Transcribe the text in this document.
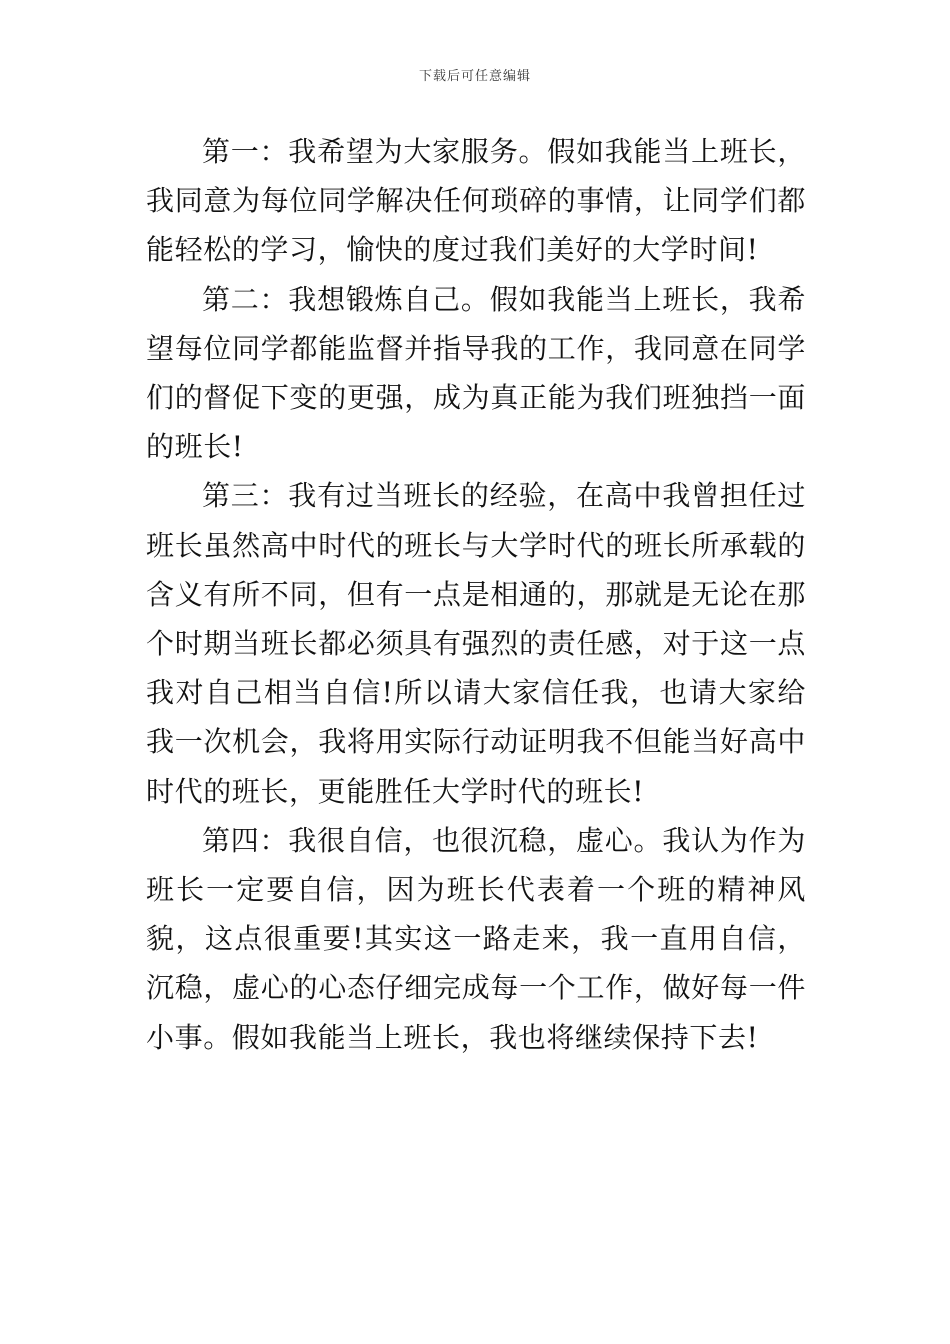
下载后可任意编辑

第一：我希望为大家服务。假如我能当上班长，我同意为每位同学解决任何琐碎的事情，让同学们都能轻松的学习，愉快的度过我们美好的大学时间!

第二：我想锻炼自己。假如我能当上班长，我希望每位同学都能监督并指导我的工作，我同意在同学们的督促下变的更强，成为真正能为我们班独挡一面的班长!

第三：我有过当班长的经验，在高中我曾担任过班长虽然高中时代的班长与大学时代的班长所承载的含义有所不同，但有一点是相通的，那就是无论在那个时期当班长都必须具有强烈的责任感，对于这一点我对自己相当自信!所以请大家信任我，也请大家给我一次机会，我将用实际行动证明我不但能当好高中时代的班长，更能胜任大学时代的班长!

第四：我很自信，也很沉稳，虚心。我认为作为班长一定要自信，因为班长代表着一个班的精神风貌，这点很重要!其实这一路走来，我一直用自信，沉稳，虚心的心态仔细完成每一个工作，做好每一件小事。假如我能当上班长，我也将继续保持下去!
